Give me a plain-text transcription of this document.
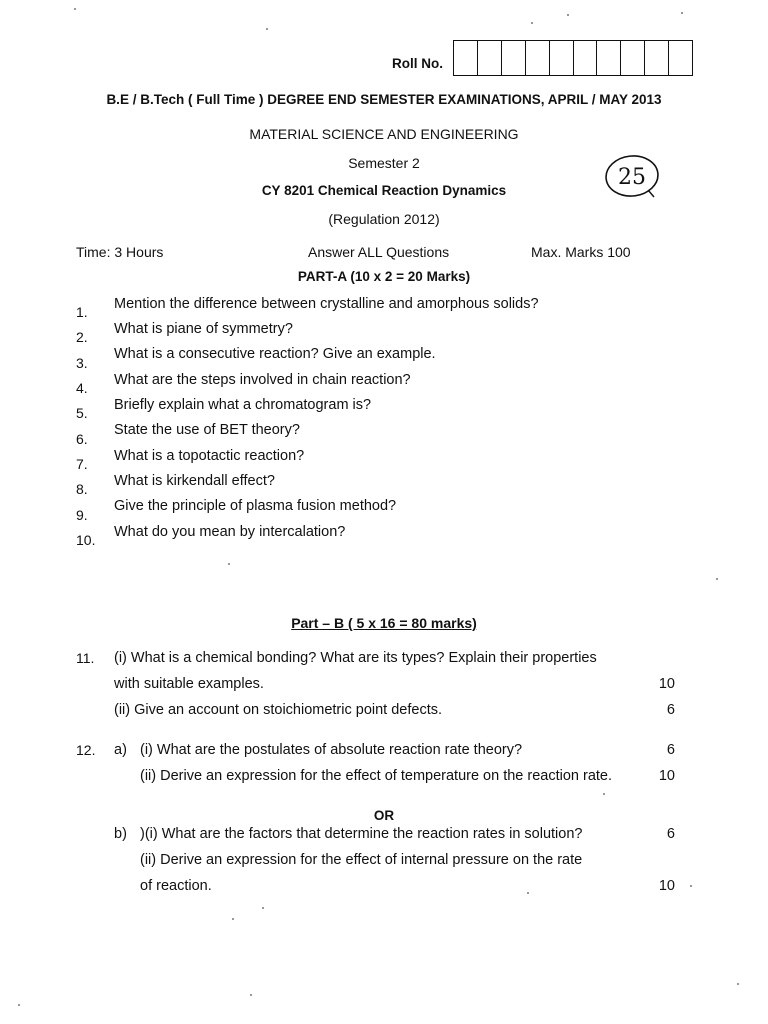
Roll No.
B.E / B.Tech ( Full Time ) DEGREE END SEMESTER EXAMINATIONS, APRIL / MAY 2013
MATERIAL SCIENCE AND ENGINEERING
Semester 2
CY 8201 Chemical Reaction Dynamics
(Regulation 2012)
25
Time: 3 Hours	Answer ALL Questions	Max. Marks 100
PART-A (10 x 2 = 20 Marks)
1. Mention the difference between crystalline and amorphous solids?
2. What is piane of symmetry?
3.
What is a consecutive reaction? Give an example.
4. What are the steps involved in chain reaction?
5. Briefly explain what a chromatogram is?
6.
State the use of BET theory?
7. What is a topotactic reaction?
8. What is kirkendall effect?
9.
Give the principle of plasma fusion method?
10. What do you mean by intercalation?
Part – B ( 5 x 16 = 80 marks)
11. (i) What is a chemical bonding? What are its types? Explain their properties
with suitable examples.	10
(ii) Give an account on stoichiometric point defects.	6
12. a) (i) What are the postulates of absolute reaction rate theory?	6
(ii) Derive an expression for the effect of temperature on the reaction rate.	10
OR
b) )(i) What are the factors that determine the reaction rates in solution?	6
(ii) Derive an expression for the effect of internal pressure on the rate
of reaction.	10
